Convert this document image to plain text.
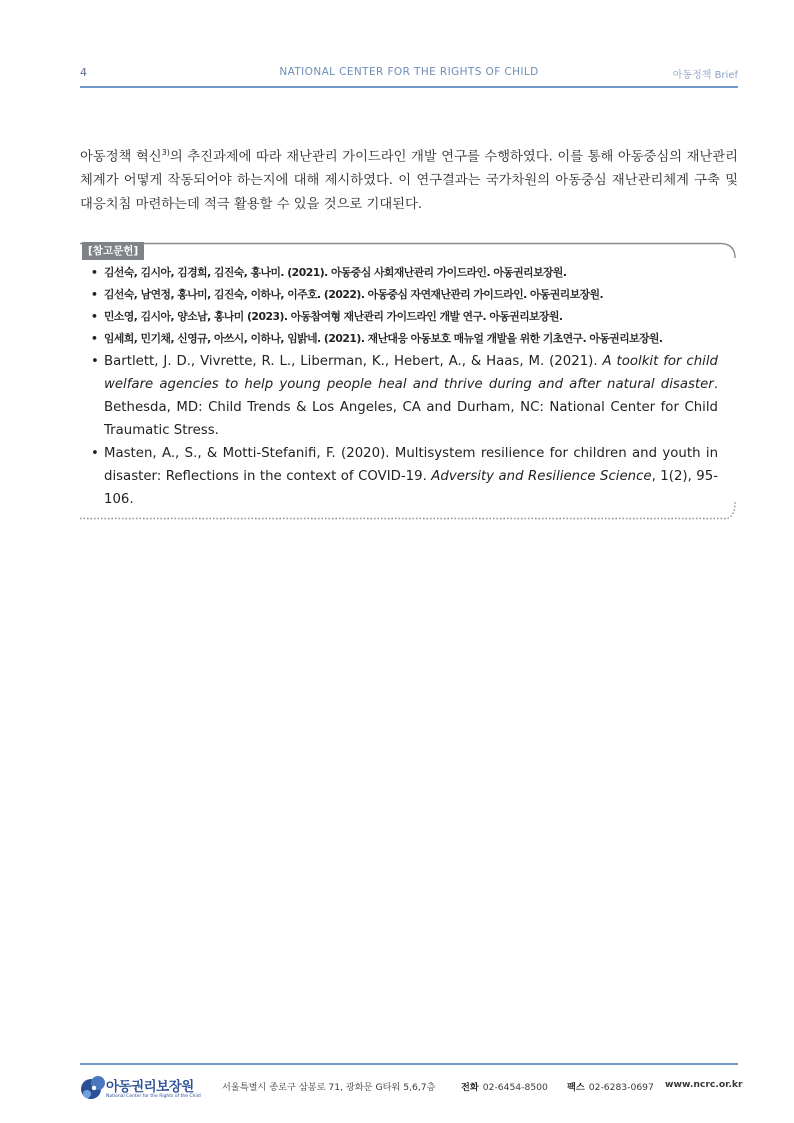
4	NATIONAL CENTER FOR THE RIGHTS OF CHILD	아동정책 Brief

아동정책 혁신$^{3)}$의 추진과제에 따라 재난관리 가이드라인 개발 연구를 수행하였다. 이를 통해 아동중심의 재난관리체계가 어떻게 작동되어야 하는지에 대해 제시하였다. 이 연구결과는 국가차원의 아동중심 재난관리체계 구축 및 대응치침 마련하는데 적극 활용할 수 있을 것으로 기대된다.

[참고문헌]
• 김선숙, 김시아, 김경희, 김진숙, 홍나미. (2021). 아동중심 사회재난관리 가이드라인. 아동권리보장원.
• 김선숙, 남연정, 홍나미, 김진숙, 이하나, 이주호. (2022). 아동중심 자연재난관리 가이드라인. 아동권리보장원.
• 민소영, 김시아, 양소남, 홍나미 (2023). 아동참여형 재난관리 가이드라인 개발 연구. 아동권리보장원.
• 임세희, 민기채, 신영규, 아쓰시, 이하나, 임밝네. (2021). 재난대응 아동보호 매뉴얼 개발을 위한 기초연구. 아동권리보장원.
• Bartlett, J. D., Vivrette, R. L., Liberman, K., Hebert, A., & Haas, M. (2021). A toolkit for child welfare agencies to help young people heal and thrive during and after natural disaster. Bethesda, MD: Child Trends & Los Angeles, CA and Durham, NC: National Center for Child Traumatic Stress.
• Masten, A., S., & Motti-Stefanifi, F. (2020). Multisystem resilience for children and youth in disaster: Reflections in the context of COVID-19. Adversity and Resilience Science, 1(2), 95-106.
아동권리보장원
National Center for the Rights of the Child
서울특별시 종로구 삼봉로 71, 광화문 G타워 5,6,7층	전화 02-6454-8500 팩스 02-6283-0697 www.ncrc.or.kr
